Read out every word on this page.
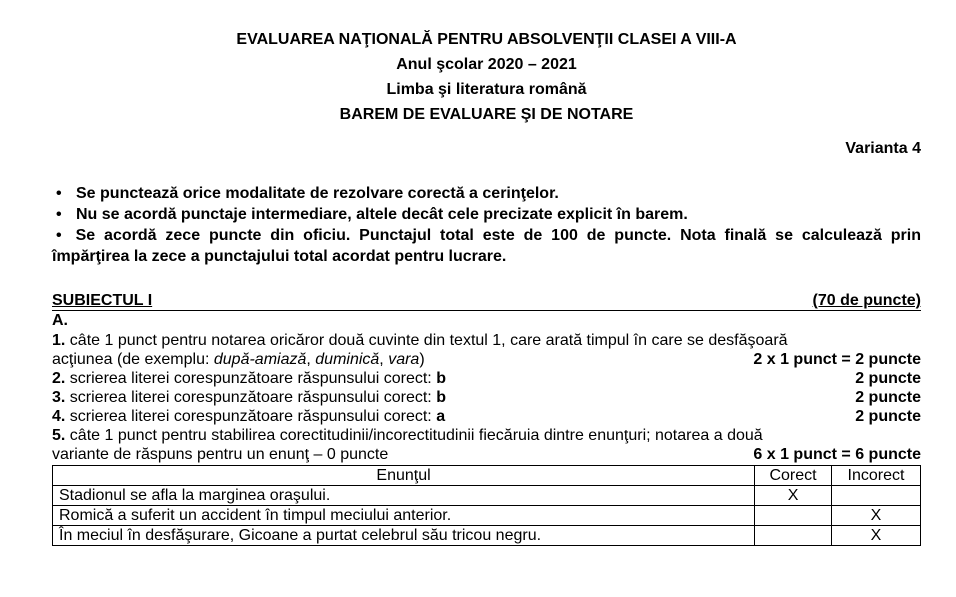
EVALUAREA NAŢIONALĂ PENTRU ABSOLVENŢII CLASEI A VIII-A
Anul şcolar 2020 – 2021
Limba şi literatura română
BAREM DE EVALUARE ŞI DE NOTARE
Varianta 4
• Se punctează orice modalitate de rezolvare corectă a cerinţelor.
• Nu se acordă punctaje intermediare, altele decât cele precizate explicit în barem.
• Se acordă zece puncte din oficiu. Punctajul total este de 100 de puncte. Nota finală se calculează prin împărţirea la zece a punctajului total acordat pentru lucrare.
SUBIECTUL I	(70 de puncte)
A.
1. câte 1 punct pentru notarea oricăror două cuvinte din textul 1, care arată timpul în care se desfăşoară
acţiunea (de exemplu: după-amiază, duminică, vara)	2 x 1 punct = 2 puncte
2. scrierea literei corespunzătoare răspunsului corect: b	2 puncte
3. scrierea literei corespunzătoare răspunsului corect: b	2 puncte
4. scrierea literei corespunzătoare răspunsului corect: a	2 puncte
5. câte 1 punct pentru stabilirea corectitudinii/incorectitudinii fiecăruia dintre enunţuri; notarea a două
variante de răspuns pentru un enunţ – 0 puncte	6 x 1 punct = 6 puncte
Enunţul	Corect	Incorect
Stadionul se afla la marginea oraşului.	X	
Romică a suferit un accident în timpul meciului anterior.		X
În meciul în desfăşurare, Gicoane a purtat celebrul său tricou negru.		X
